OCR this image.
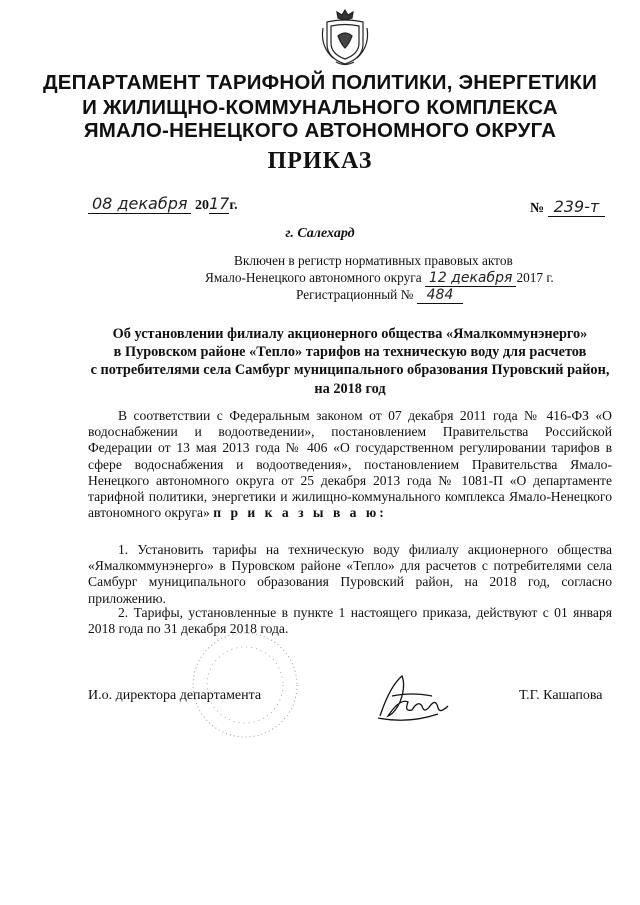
ДЕПАРТАМЕНТ ТАРИФНОЙ ПОЛИТИКИ, ЭНЕРГЕТИКИ
И ЖИЛИЩНО-КОММУНАЛЬНОГО КОМПЛЕКСА
ЯМАЛО-НЕНЕЦКОГО АВТОНОМНОГО ОКРУГА
ПРИКАЗ
08 декабря 2017г.	№ 239-т
г. Салехард
Включен в регистр нормативных правовых актов
Ямало-Ненецкого автономного округа 12 декабря 2017 г.
Регистрационный № 484
Об установлении филиалу акционерного общества «Ямалкоммунэнерго»
в Пуровском районе «Тепло» тарифов на техническую воду для расчетов
с потребителями села Самбург муниципального образования Пуровский район,
на 2018 год
В соответствии с Федеральным законом от 07 декабря 2011 года № 416-ФЗ «О водоснабжении и водоотведении», постановлением Правительства Российской Федерации от 13 мая 2013 года № 406 «О государственном регулировании тарифов в сфере водоснабжения и водоотведения», постановлением Правительства Ямало-Ненецкого автономного округа от 25 декабря 2013 года № 1081-П «О департаменте тарифной политики, энергетики и жилищно-коммунального комплекса Ямало-Ненецкого автономного округа» п р и к а з ы в а ю:
1. Установить тарифы на техническую воду филиалу акционерного общества «Ямалкоммунэнерго» в Пуровском районе «Тепло» для расчетов с потребителями села Самбург муниципального образования Пуровский район, на 2018 год, согласно приложению.
2. Тарифы, установленные в пункте 1 настоящего приказа, действуют с 01 января 2018 года по 31 декабря 2018 года.
И.о. директора департамента	Т.Г. Кашапова
